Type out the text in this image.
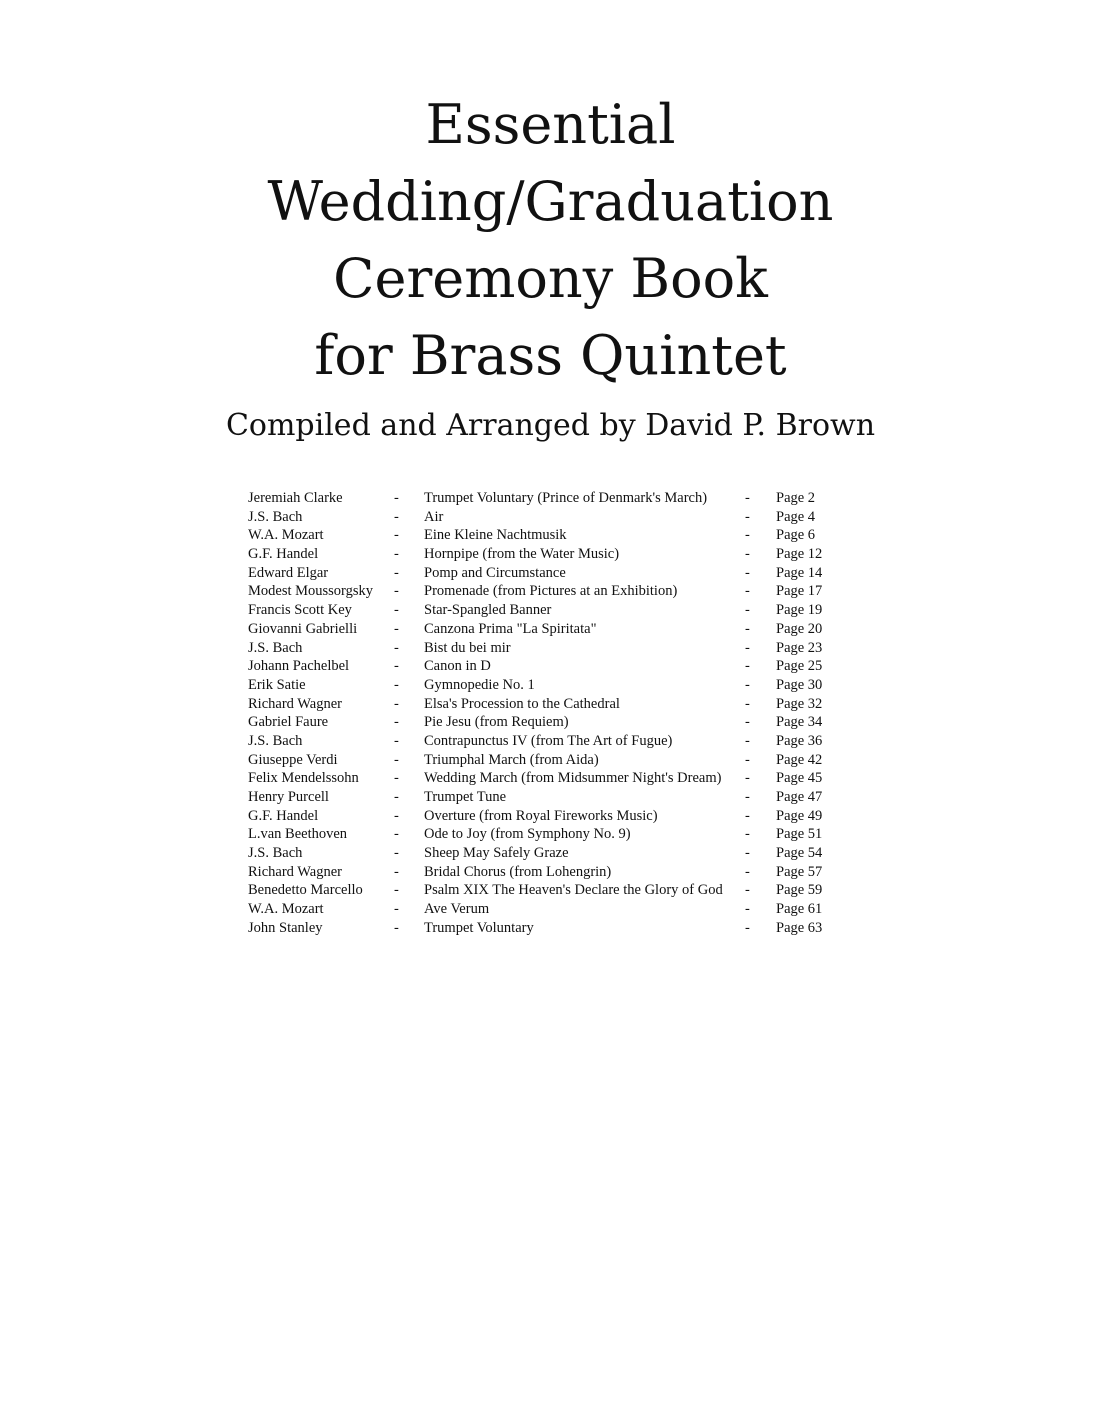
Essential
Wedding/Graduation
Ceremony Book
for Brass Quintet
Compiled and Arranged by David P. Brown
Jeremiah Clarke	- Trumpet Voluntary (Prince of Denmark's March)	- Page 2
J.S. Bach	- Air	- Page 4
W.A. Mozart	- Eine Kleine Nachtmusik	- Page 6
G.F. Handel	- Hornpipe (from the Water Music)	- Page 12
Edward Elgar	- Pomp and Circumstance	- Page 14
Modest Moussorgsky - Promenade (from Pictures at an Exhibition)	- Page 17
Francis Scott Key	- Star-Spangled Banner	- Page 19
Giovanni Gabrielli	- Canzona Prima "La Spiritata"	- Page 20
J.S. Bach	- Bist du bei mir	- Page 23
Johann Pachelbel	- Canon in D	- Page 25
Erik Satie	- Gymnopedie No. 1	- Page 30
Richard Wagner	- Elsa's Procession to the Cathedral	- Page 32
Gabriel Faure	- Pie Jesu (from Requiem)	- Page 34
J.S. Bach	- Contrapunctus IV (from The Art of Fugue)	- Page 36
Giuseppe Verdi	- Triumphal March (from Aida)	- Page 42
Felix Mendelssohn - Wedding March (from Midsummer Night's Dream) - Page 45
Henry Purcell	- Trumpet Tune	- Page 47
G.F. Handel	- Overture (from Royal Fireworks Music)	- Page 49
L.van Beethoven	- Ode to Joy (from Symphony No. 9)	- Page 51
J.S. Bach	- Sheep May Safely Graze	- Page 54
Richard Wagner	- Bridal Chorus (from Lohengrin)	- Page 57
Benedetto Marcello - Psalm XIX The Heaven's Declare the Glory of God - Page 59
W.A. Mozart	- Ave Verum	- Page 61
John Stanley	- Trumpet Voluntary	- Page 63
